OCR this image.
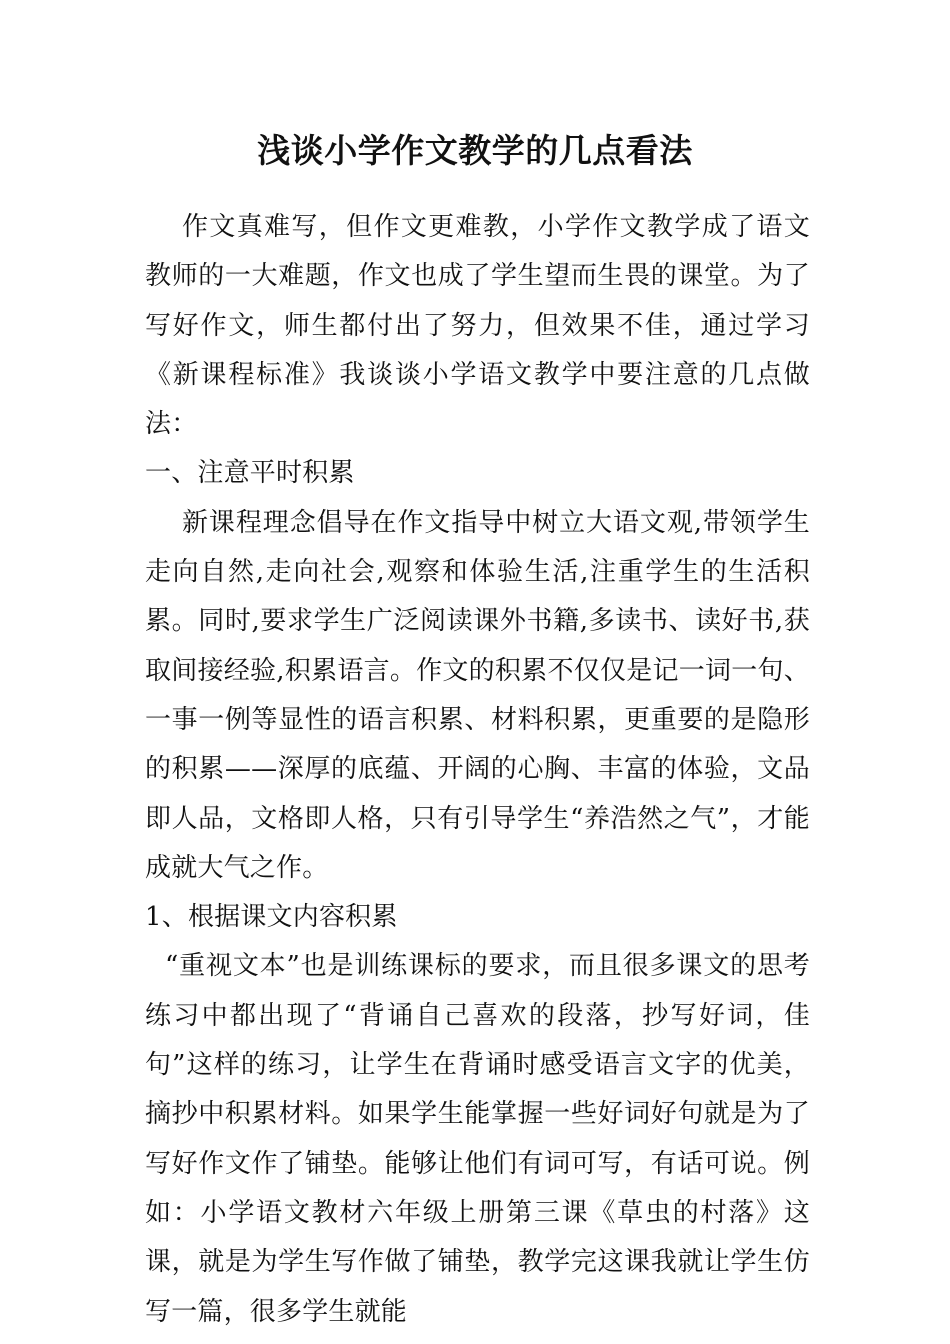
浅谈小学作文教学的几点看法

作文真难写，但作文更难教，小学作文教学成了语文教师的一大难题，作文也成了学生望而生畏的课堂。为了写好作文，师生都付出了努力，但效果不佳，通过学习《新课程标准》我谈谈小学语文教学中要注意的几点做法：

一、注意平时积累

新课程理念倡导在作文指导中树立大语文观,带领学生走向自然,走向社会,观察和体验生活,注重学生的生活积累。同时,要求学生广泛阅读课外书籍,多读书、读好书,获取间接经验,积累语言。作文的积累不仅仅是记一词一句、一事一例等显性的语言积累、材料积累，更重要的是隐形的积累——深厚的底蕴、开阔的心胸、丰富的体验，文品即人品，文格即人格，只有引导学生“养浩然之气”，才能成就大气之作。

1、根据课文内容积累

“重视文本”也是训练课标的要求，而且很多课文的思考练习中都出现了“背诵自己喜欢的段落，抄写好词，佳句”这样的练习，让学生在背诵时感受语言文字的优美，摘抄中积累材料。如果学生能掌握一些好词好句就是为了写好作文作了铺垫。能够让他们有词可写，有话可说。例如：小学语文教材六年级上册第三课《草虫的村落》这课，就是为学生写作做了铺垫，教学完这课我就让学生仿写一篇，很多学生就能
